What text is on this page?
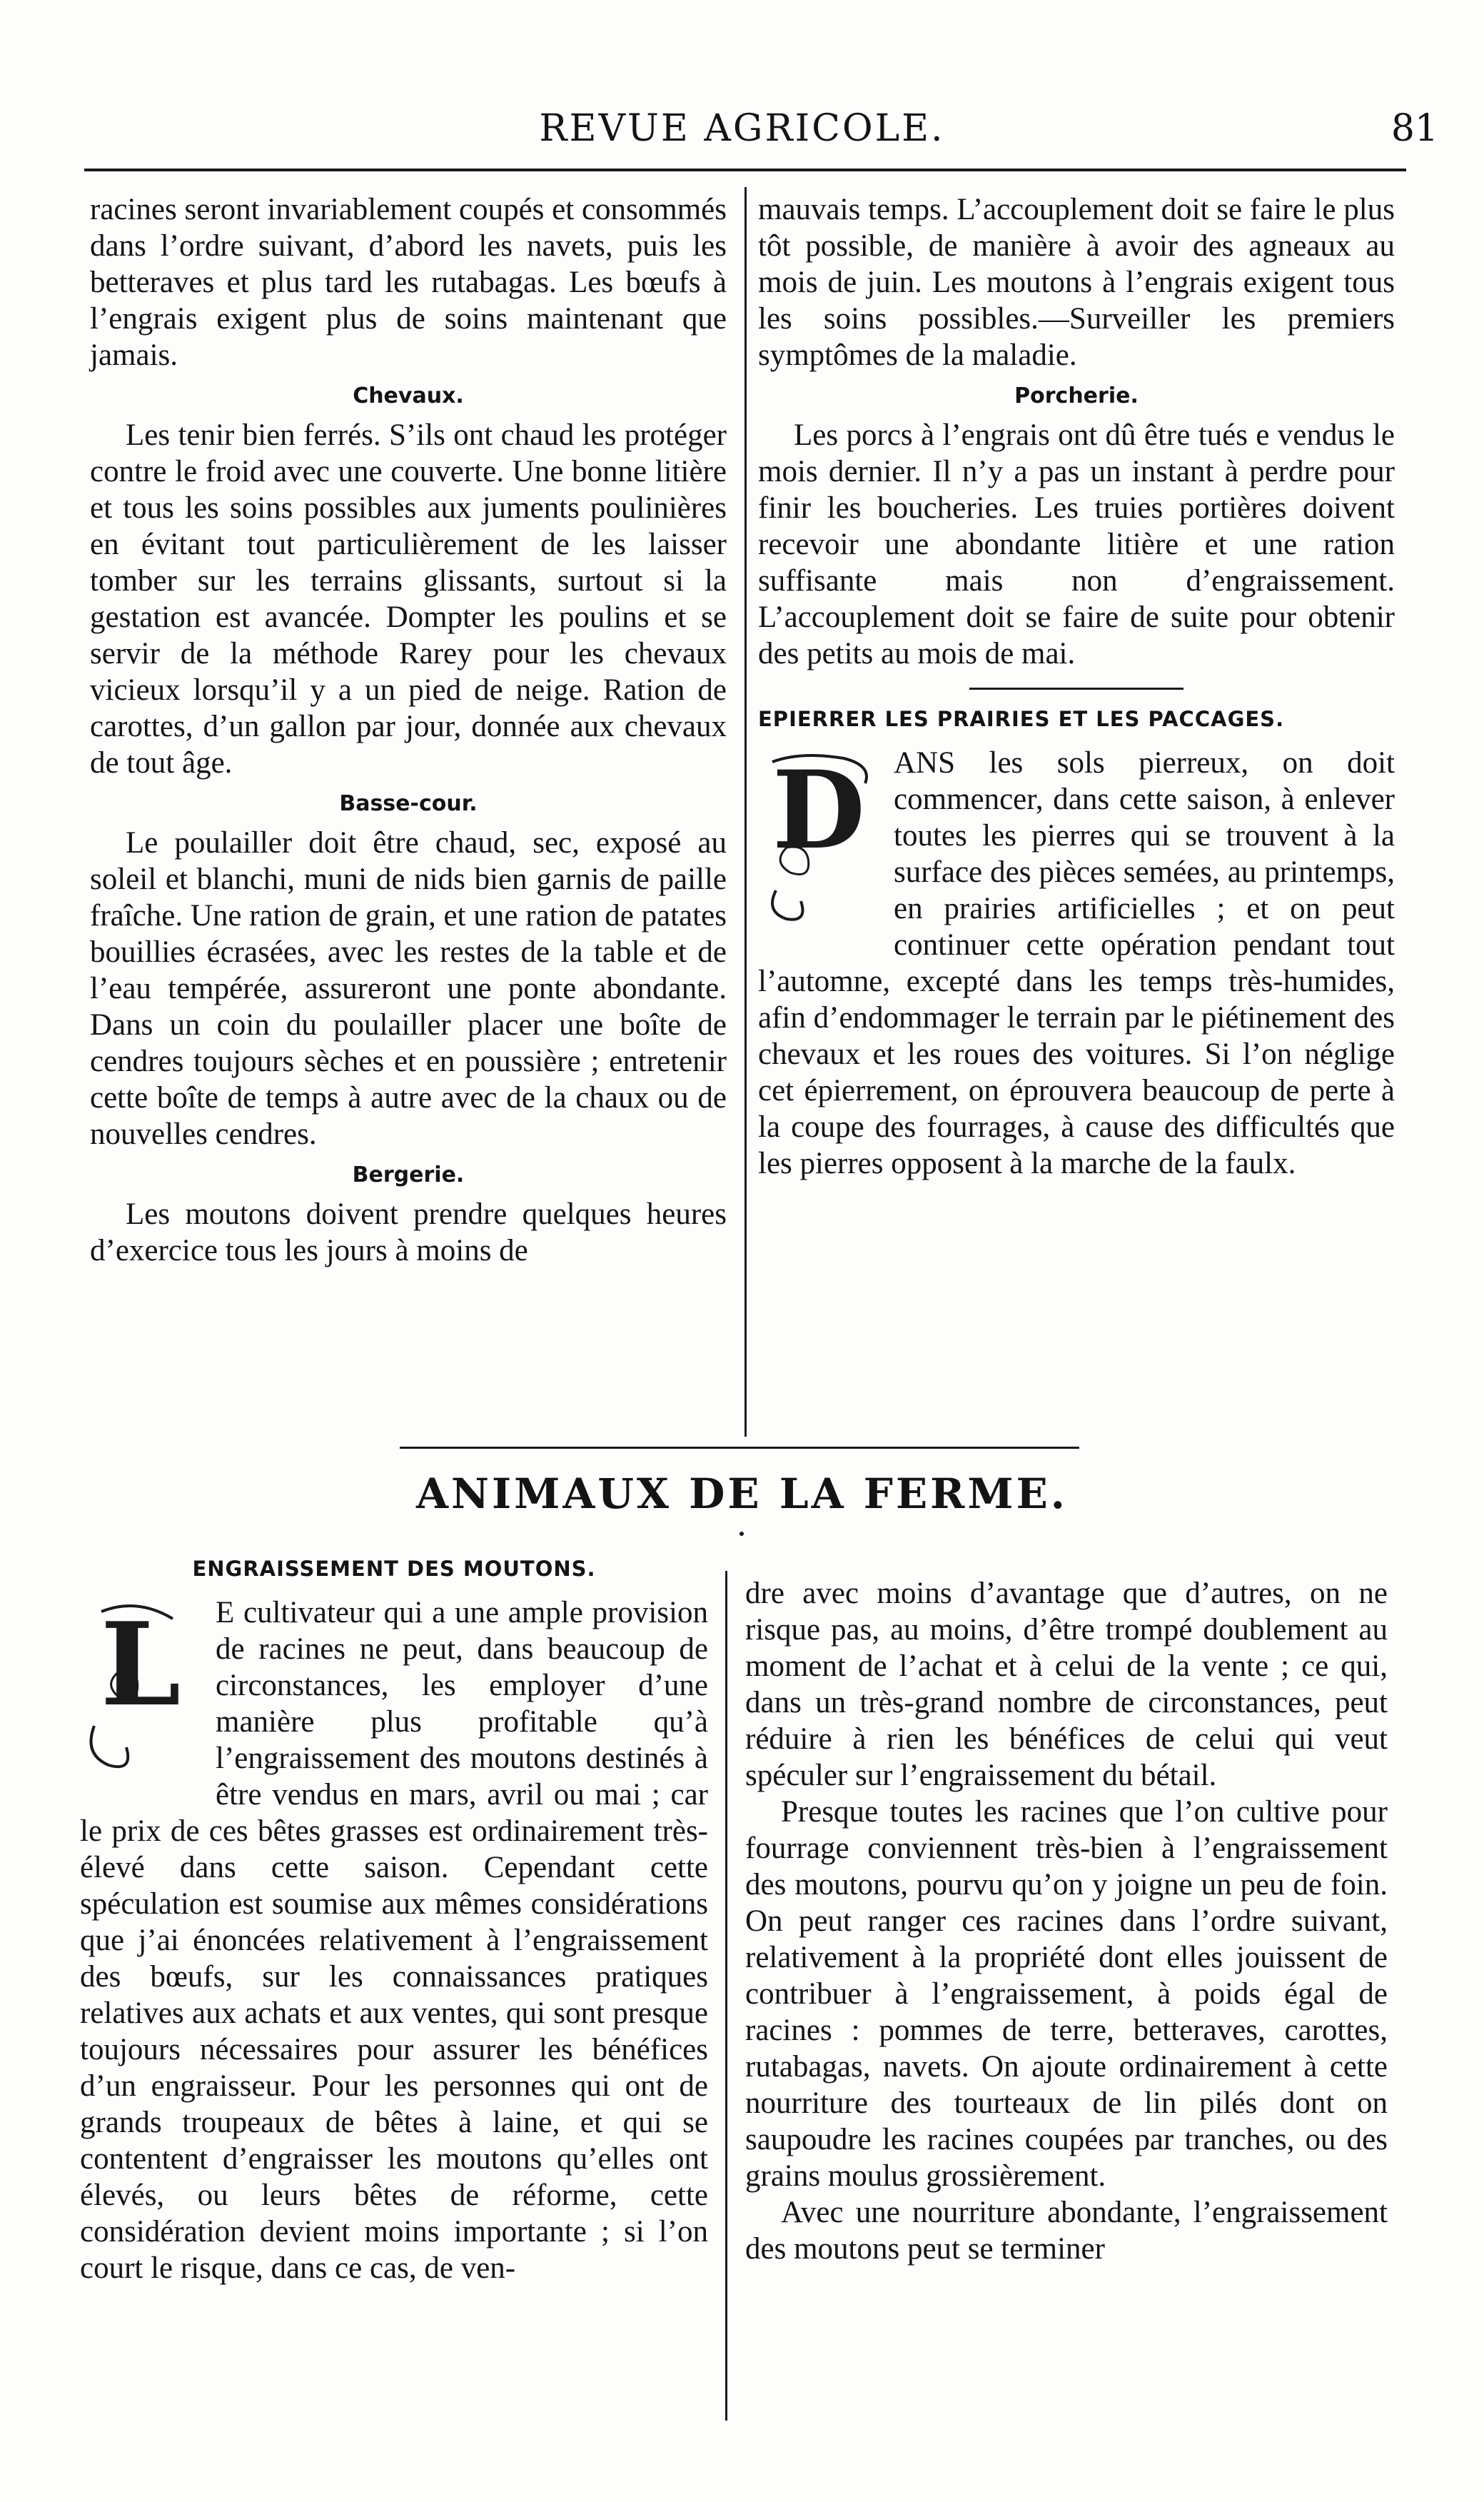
REVUE AGRICOLE.	81

racines seront invariablement coupés et consommés dans l’ordre suivant, d’abord les navets, puis les betteraves et plus tard les rutabagas. Les bœufs à l’engrais exigent plus de soins maintenant que jamais.

Chevaux.

Les tenir bien ferrés. S’ils ont chaud les protéger contre le froid avec une couverte. Une bonne litière et tous les soins possibles aux juments poulinières en évitant tout particulièrement de les laisser tomber sur les terrains glissants, surtout si la gestation est avancée. Dompter les poulins et se servir de la méthode Rarey pour les chevaux vicieux lorsqu’il y a un pied de neige. Ration de carottes, d’un gallon par jour, donnée aux chevaux de tout âge.

Basse-cour.

Le poulailler doit être chaud, sec, exposé au soleil et blanchi, muni de nids bien garnis de paille fraîche. Une ration de grain, et une ration de patates bouillies écrasées, avec les restes de la table et de l’eau tempérée, assureront une ponte abondante. Dans un coin du poulailler placer une boîte de cendres toujours sèches et en poussière ; entretenir cette boîte de temps à autre avec de la chaux ou de nouvelles cendres.

Bergerie.

Les moutons doivent prendre quelques heures d’exercice tous les jours à moins de

mauvais temps. L’accouplement doit se faire le plus tôt possible, de manière à avoir des agneaux au mois de juin. Les moutons à l’engrais exigent tous les soins possibles.—Surveiller les premiers symptômes de la maladie.

Porcherie.

Les porcs à l’engrais ont dû être tués e vendus le mois dernier. Il n’y a pas un instant à perdre pour finir les boucheries. Les truies portières doivent recevoir une abondante litière et une ration suffisante mais non d’engraissement. L’accouplement doit se faire de suite pour obtenir des petits au mois de mai.

EPIERRER LES PRAIRIES ET LES PACCAGES.

D ANS les sols pierreux, on doit commencer, dans cette saison, à enlever toutes les pierres qui se trouvent à la surface des pièces semées, au printemps, en prairies artificielles ; et on peut continuer cette opération pendant tout l’automne, excepté dans les temps très-humides, afin d’endommager le terrain par le piétinement des chevaux et les roues des voitures. Si l’on néglige cet épierrement, on éprouvera beaucoup de perte à la coupe des fourrages, à cause des difficultés que les pierres opposent à la marche de la faulx.

ANIMAUX DE LA FERME.
ENGRAISSEMENT DES MOUTONS.

L E cultivateur qui a une ample provision de racines ne peut, dans beaucoup de circonstances, les employer d’une manière plus profitable qu’à l’engraissement des moutons destinés à être vendus en mars, avril ou mai ; car le prix de ces bêtes grasses est ordinairement très-élevé dans cette saison. Cependant cette spéculation est soumise aux mêmes considérations que j’ai énoncées relativement à l’engraissement des bœufs, sur les connaissances pratiques relatives aux achats et aux ventes, qui sont presque toujours nécessaires pour assurer les bénéfices d’un engraisseur. Pour les personnes qui ont de grands troupeaux de bêtes à laine, et qui se contentent d’engraisser les moutons qu’elles ont élevés, ou leurs bêtes de réforme, cette considération devient moins importante ; si l’on court le risque, dans ce cas, de ven-

dre avec moins d’avantage que d’autres, on ne risque pas, au moins, d’être trompé doublement au moment de l’achat et à celui de la vente ; ce qui, dans un très-grand nombre de circonstances, peut réduire à rien les bénéfices de celui qui veut spéculer sur l’engraissement du bétail.

Presque toutes les racines que l’on cultive pour fourrage conviennent très-bien à l’engraissement des moutons, pourvu qu’on y joigne un peu de foin. On peut ranger ces racines dans l’ordre suivant, relativement à la propriété dont elles jouissent de contribuer à l’engraissement, à poids égal de racines : pommes de terre, betteraves, carottes, rutabagas, navets. On ajoute ordinairement à cette nourriture des tourteaux de lin pilés dont on saupoudre les racines coupées par tranches, ou des grains moulus grossièrement.

Avec une nourriture abondante, l’engraissement des moutons peut se terminer
